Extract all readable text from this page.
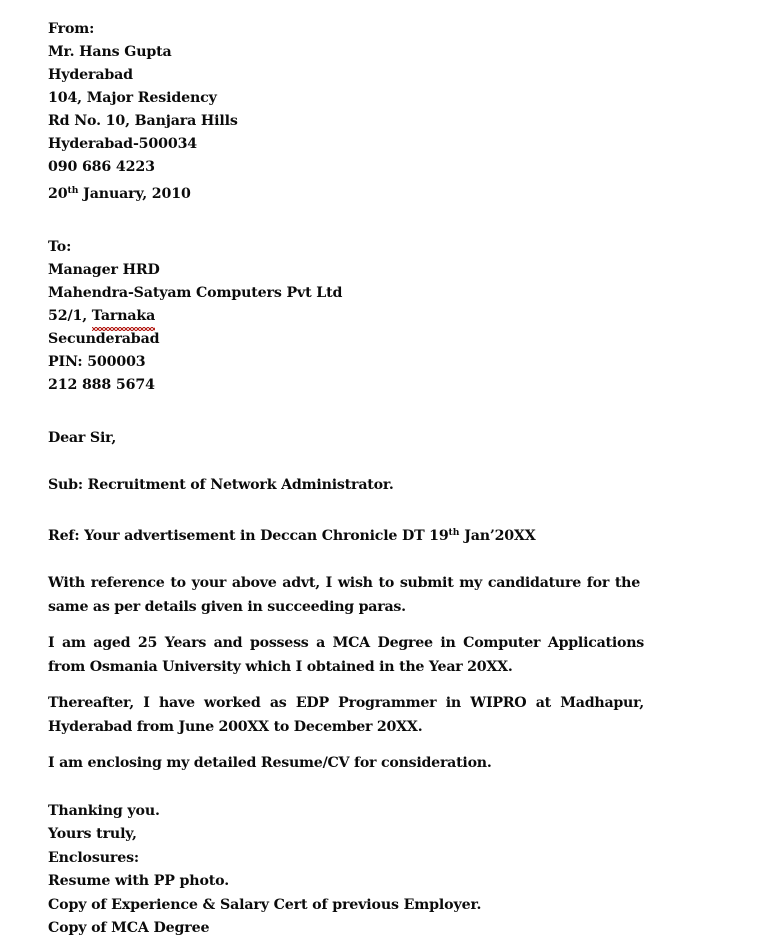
From:
Mr. Hans Gupta
Hyderabad
104, Major Residency
Rd No. 10, Banjara Hills
Hyderabad-500034
090 686 4223
20th January, 2010
To:
Manager HRD
Mahendra-Satyam Computers Pvt Ltd
52/1, Tarnaka
Secunderabad
PIN: 500003
212 888 5674
Dear Sir,
Sub: Recruitment of Network Administrator.
Ref: Your advertisement in Deccan Chronicle DT 19th Jan’20XX

With reference to your above advt, I wish to submit my candidature for the same as per details given in succeeding paras.

I am aged 25 Years and possess a MCA Degree in Computer Applications from Osmania University which I obtained in the Year 20XX.

Thereafter, I have worked as EDP Programmer in WIPRO at Madhapur, Hyderabad from June 200XX to December 20XX.

I am enclosing my detailed Resume/CV for consideration.

Thanking you.
Yours truly,
Enclosures:
Resume with PP photo.
Copy of Experience & Salary Cert of previous Employer.
Copy of MCA Degree
